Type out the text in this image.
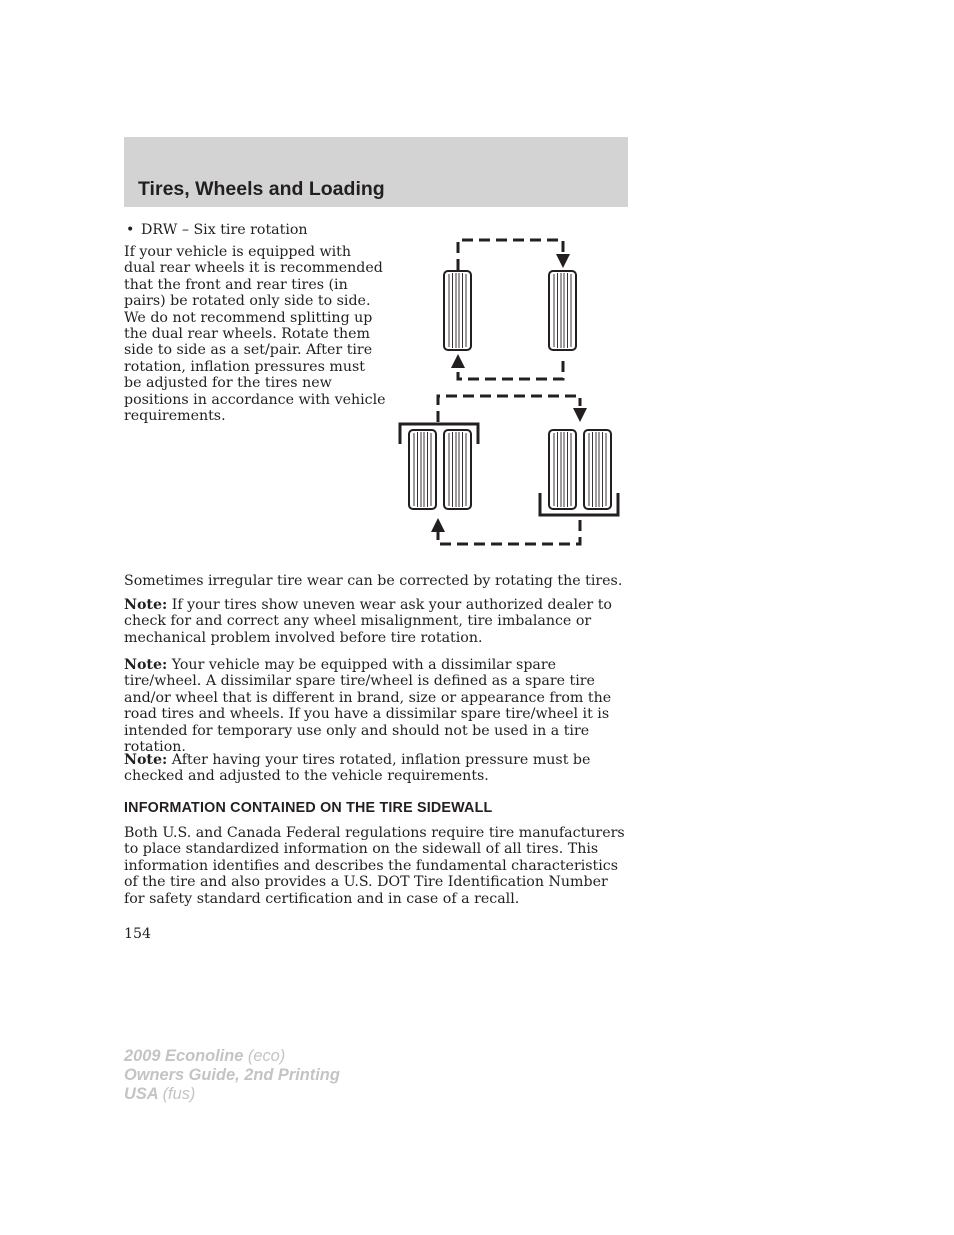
Tires, Wheels and Loading
• DRW – Six tire rotation

If your vehicle is equipped with dual rear wheels it is recommended that the front and rear tires (in pairs) be rotated only side to side. We do not recommend splitting up the dual rear wheels. Rotate them side to side as a set/pair. After tire rotation, inflation pressures must be adjusted for the tires new positions in accordance with vehicle requirements.

Sometimes irregular tire wear can be corrected by rotating the tires.

Note: If your tires show uneven wear ask your authorized dealer to check for and correct any wheel misalignment, tire imbalance or mechanical problem involved before tire rotation.

Note: Your vehicle may be equipped with a dissimilar spare tire/wheel. A dissimilar spare tire/wheel is defined as a spare tire and/or wheel that is different in brand, size or appearance from the road tires and wheels. If you have a dissimilar spare tire/wheel it is intended for temporary use only and should not be used in a tire rotation.

Note: After having your tires rotated, inflation pressure must be checked and adjusted to the vehicle requirements.

INFORMATION CONTAINED ON THE TIRE SIDEWALL

Both U.S. and Canada Federal regulations require tire manufacturers to place standardized information on the sidewall of all tires. This information identifies and describes the fundamental characteristics of the tire and also provides a U.S. DOT Tire Identification Number for safety standard certification and in case of a recall.

154
2009 Econoline (eco)
Owners Guide, 2nd Printing
USA (fus)
